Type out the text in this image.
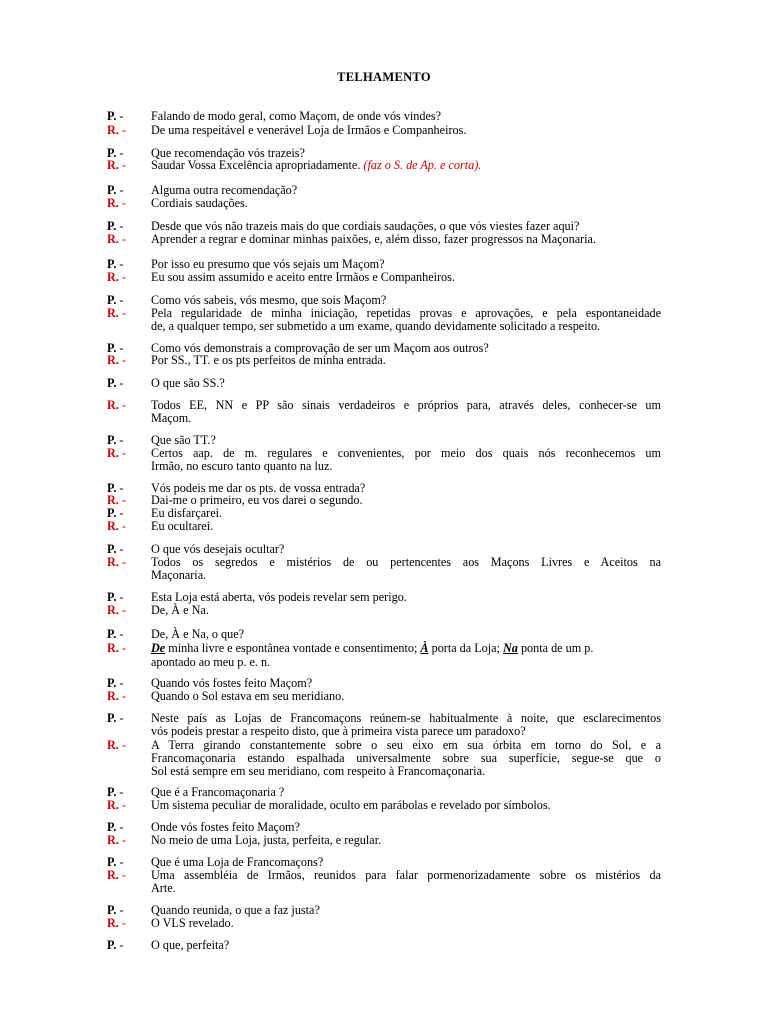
TELHAMENTO
P. - Falando de modo geral, como Maçom, de onde vós vindes?
R. - De uma respeitável e venerável Loja de Irmãos e Companheiros.
P. - Que recomendação vós trazeis?
R. - Saudar Vossa Excelência apropriadamente. (faz o S. de Ap. e corta).
P. - Alguma outra recomendação?
R. - Cordiais saudações.
P. - Desde que vós não trazeis mais do que cordiais saudações, o que vós viestes fazer aqui?
R. - Aprender a regrar e dominar minhas paixões, e, além disso, fazer progressos na Maçonaria.
P. - Por isso eu presumo que vós sejais um Maçom?
R. - Eu sou assim assumido e aceito entre Irmãos e Companheiros.
P. - Como vós sabeis, vós mesmo, que sois Maçom?
R. - Pela regularidade de minha iniciação, repetidas provas e aprovações, e pela espontaneidade
de, a qualquer tempo, ser submetido a um exame, quando devidamente solicitado a respeito.
P. - Como vós demonstrais a comprovação de ser um Maçom aos outros?
R. - Por SS., TT. e os pts perfeitos de minha entrada.
P. - O que são SS.?
R. - Todos EE, NN e PP são sinais verdadeiros e próprios para, através deles, conhecer-se um
Maçom.
P. - Que são TT.?
R. - Certos aap. de m. regulares e convenientes, por meio dos quais nós reconhecemos um
Irmão, no escuro tanto quanto na luz.
P. - Vós podeis me dar os pts. de vossa entrada?
R. - Dai-me o primeiro, eu vos darei o segundo.
P. - Eu disfarçarei.
R. - Eu ocultarei.
P. - O que vós desejais ocultar?
R. - Todos os segredos e mistérios de ou pertencentes aos Maçons Livres e Aceitos na
Maçonaria.
P. - Esta Loja está aberta, vós podeis revelar sem perigo.
R. - De, À e Na.
P. - De, À e Na, o que?
R. - De minha livre e espontânea vontade e consentimento; À porta da Loja; Na ponta de um p.
apontado ao meu p. e. n.
P. - Quando vós fostes feito Maçom?
R. - Quando o Sol estava em seu meridiano.
P. - Neste país as Lojas de Francomaçons reúnem-se habitualmente à noite, que esclarecimentos
vós podeis prestar a respeito disto, que à primeira vista parece um paradoxo?
R. - A Terra girando constantemente sobre o seu eixo em sua órbita em torno do Sol, e a
Francomaçonaria estando espalhada universalmente sobre sua superfície, segue-se que o
Sol está sempre em seu meridiano, com respeito à Francomaçonaria.
P. - Que é a Francomaçonaria ?
R. - Um sistema peculiar de moralidade, oculto em parábolas e revelado por símbolos.
P. - Onde vós fostes feito Maçom?
R. - No meio de uma Loja, justa, perfeita, e regular.
P. - Que é uma Loja de Francomaçons?
R. - Uma assembléia de Irmãos, reunidos para falar pormenorizadamente sobre os mistérios da
Arte.
P. - Quando reunida, o que a faz justa?
R. - O VLS revelado.
P. - O que, perfeita?
